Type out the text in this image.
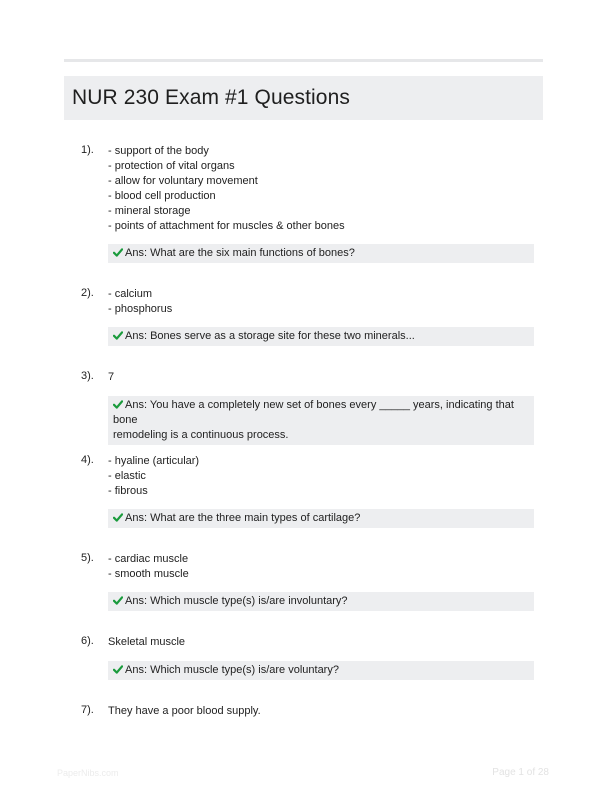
NUR 230 Exam #1 Questions
1). - support of the body
- protection of vital organs
- allow for voluntary movement
- blood cell production
- mineral storage
- points of attachment for muscles & other bones
Ans: What are the six main functions of bones?
2). - calcium
- phosphorus
Ans: Bones serve as a storage site for these two minerals...
3). 7
Ans: You have a completely new set of bones every _____ years, indicating that bone
remodeling is a continuous process.
4). - hyaline (articular)
- elastic
- fibrous
Ans: What are the three main types of cartilage?
5). - cardiac muscle
- smooth muscle
Ans: Which muscle type(s) is/are involuntary?
6). Skeletal muscle
Ans: Which muscle type(s) is/are voluntary?
7). They have a poor blood supply.
PaperNibs.com	Page 1 of 28
